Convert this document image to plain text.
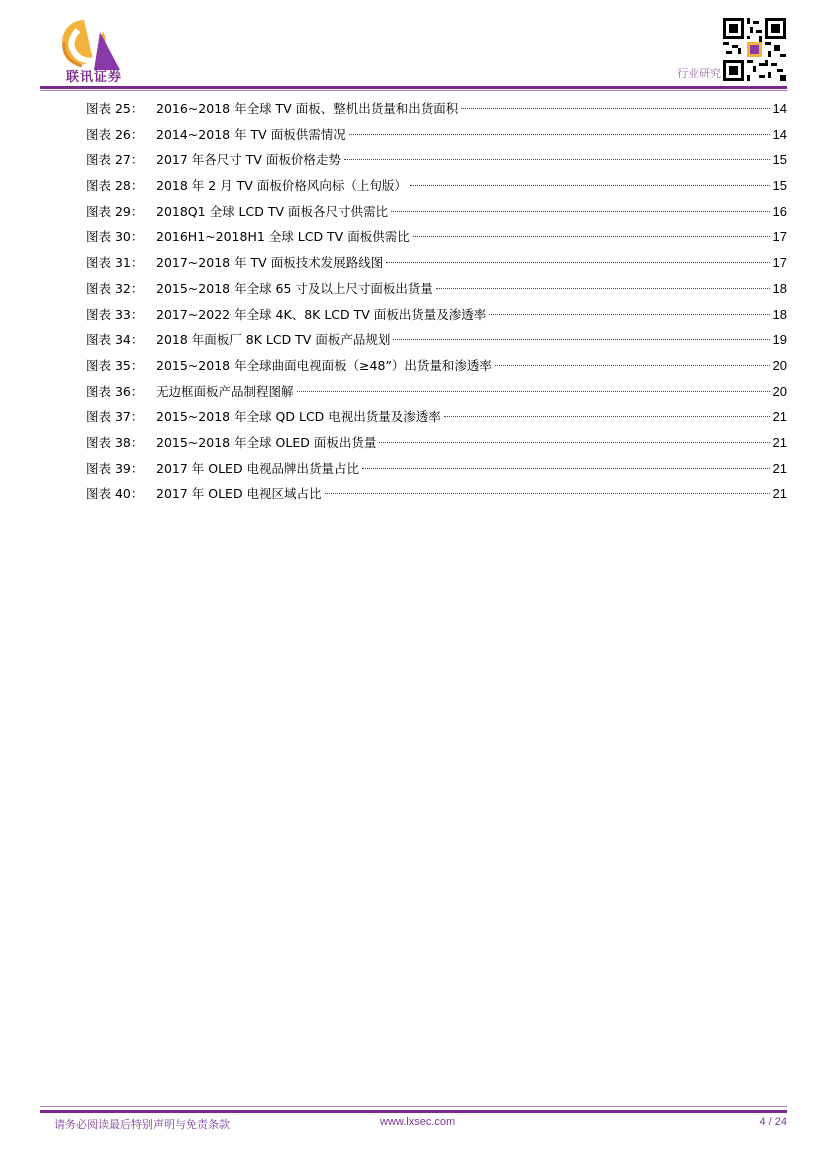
联讯证券	行业研究
图表 25：	2016~2018 年全球 TV 面板、整机出货量和出货面积	14
图表 26：	2014~2018 年 TV 面板供需情况	14
图表 27：	2017 年各尺寸 TV 面板价格走势	15
图表 28：	2018 年 2 月 TV 面板价格风向标（上旬版）	15
图表 29：	2018Q1 全球 LCD TV 面板各尺寸供需比	16
图表 30：	2016H1~2018H1 全球 LCD TV 面板供需比	17
图表 31：	2017~2018 年 TV 面板技术发展路线图	17
图表 32：	2015~2018 年全球 65 寸及以上尺寸面板出货量	18
图表 33：	2017~2022 年全球 4K、8K LCD TV 面板出货量及渗透率	18
图表 34：	2018 年面板厂 8K LCD TV 面板产品规划	19
图表 35：	2015~2018 年全球曲面电视面板（≥48”）出货量和渗透率	20
图表 36：	无边框面板产品制程图解	20
图表 37：	2015~2018 年全球 QD LCD 电视出货量及渗透率	21
图表 38：	2015~2018 年全球 OLED 面板出货量	21
图表 39：	2017 年 OLED 电视品牌出货量占比	21
图表 40：	2017 年 OLED 电视区域占比	21
请务必阅读最后特别声明与免责条款	www.lxsec.com	4 / 24
